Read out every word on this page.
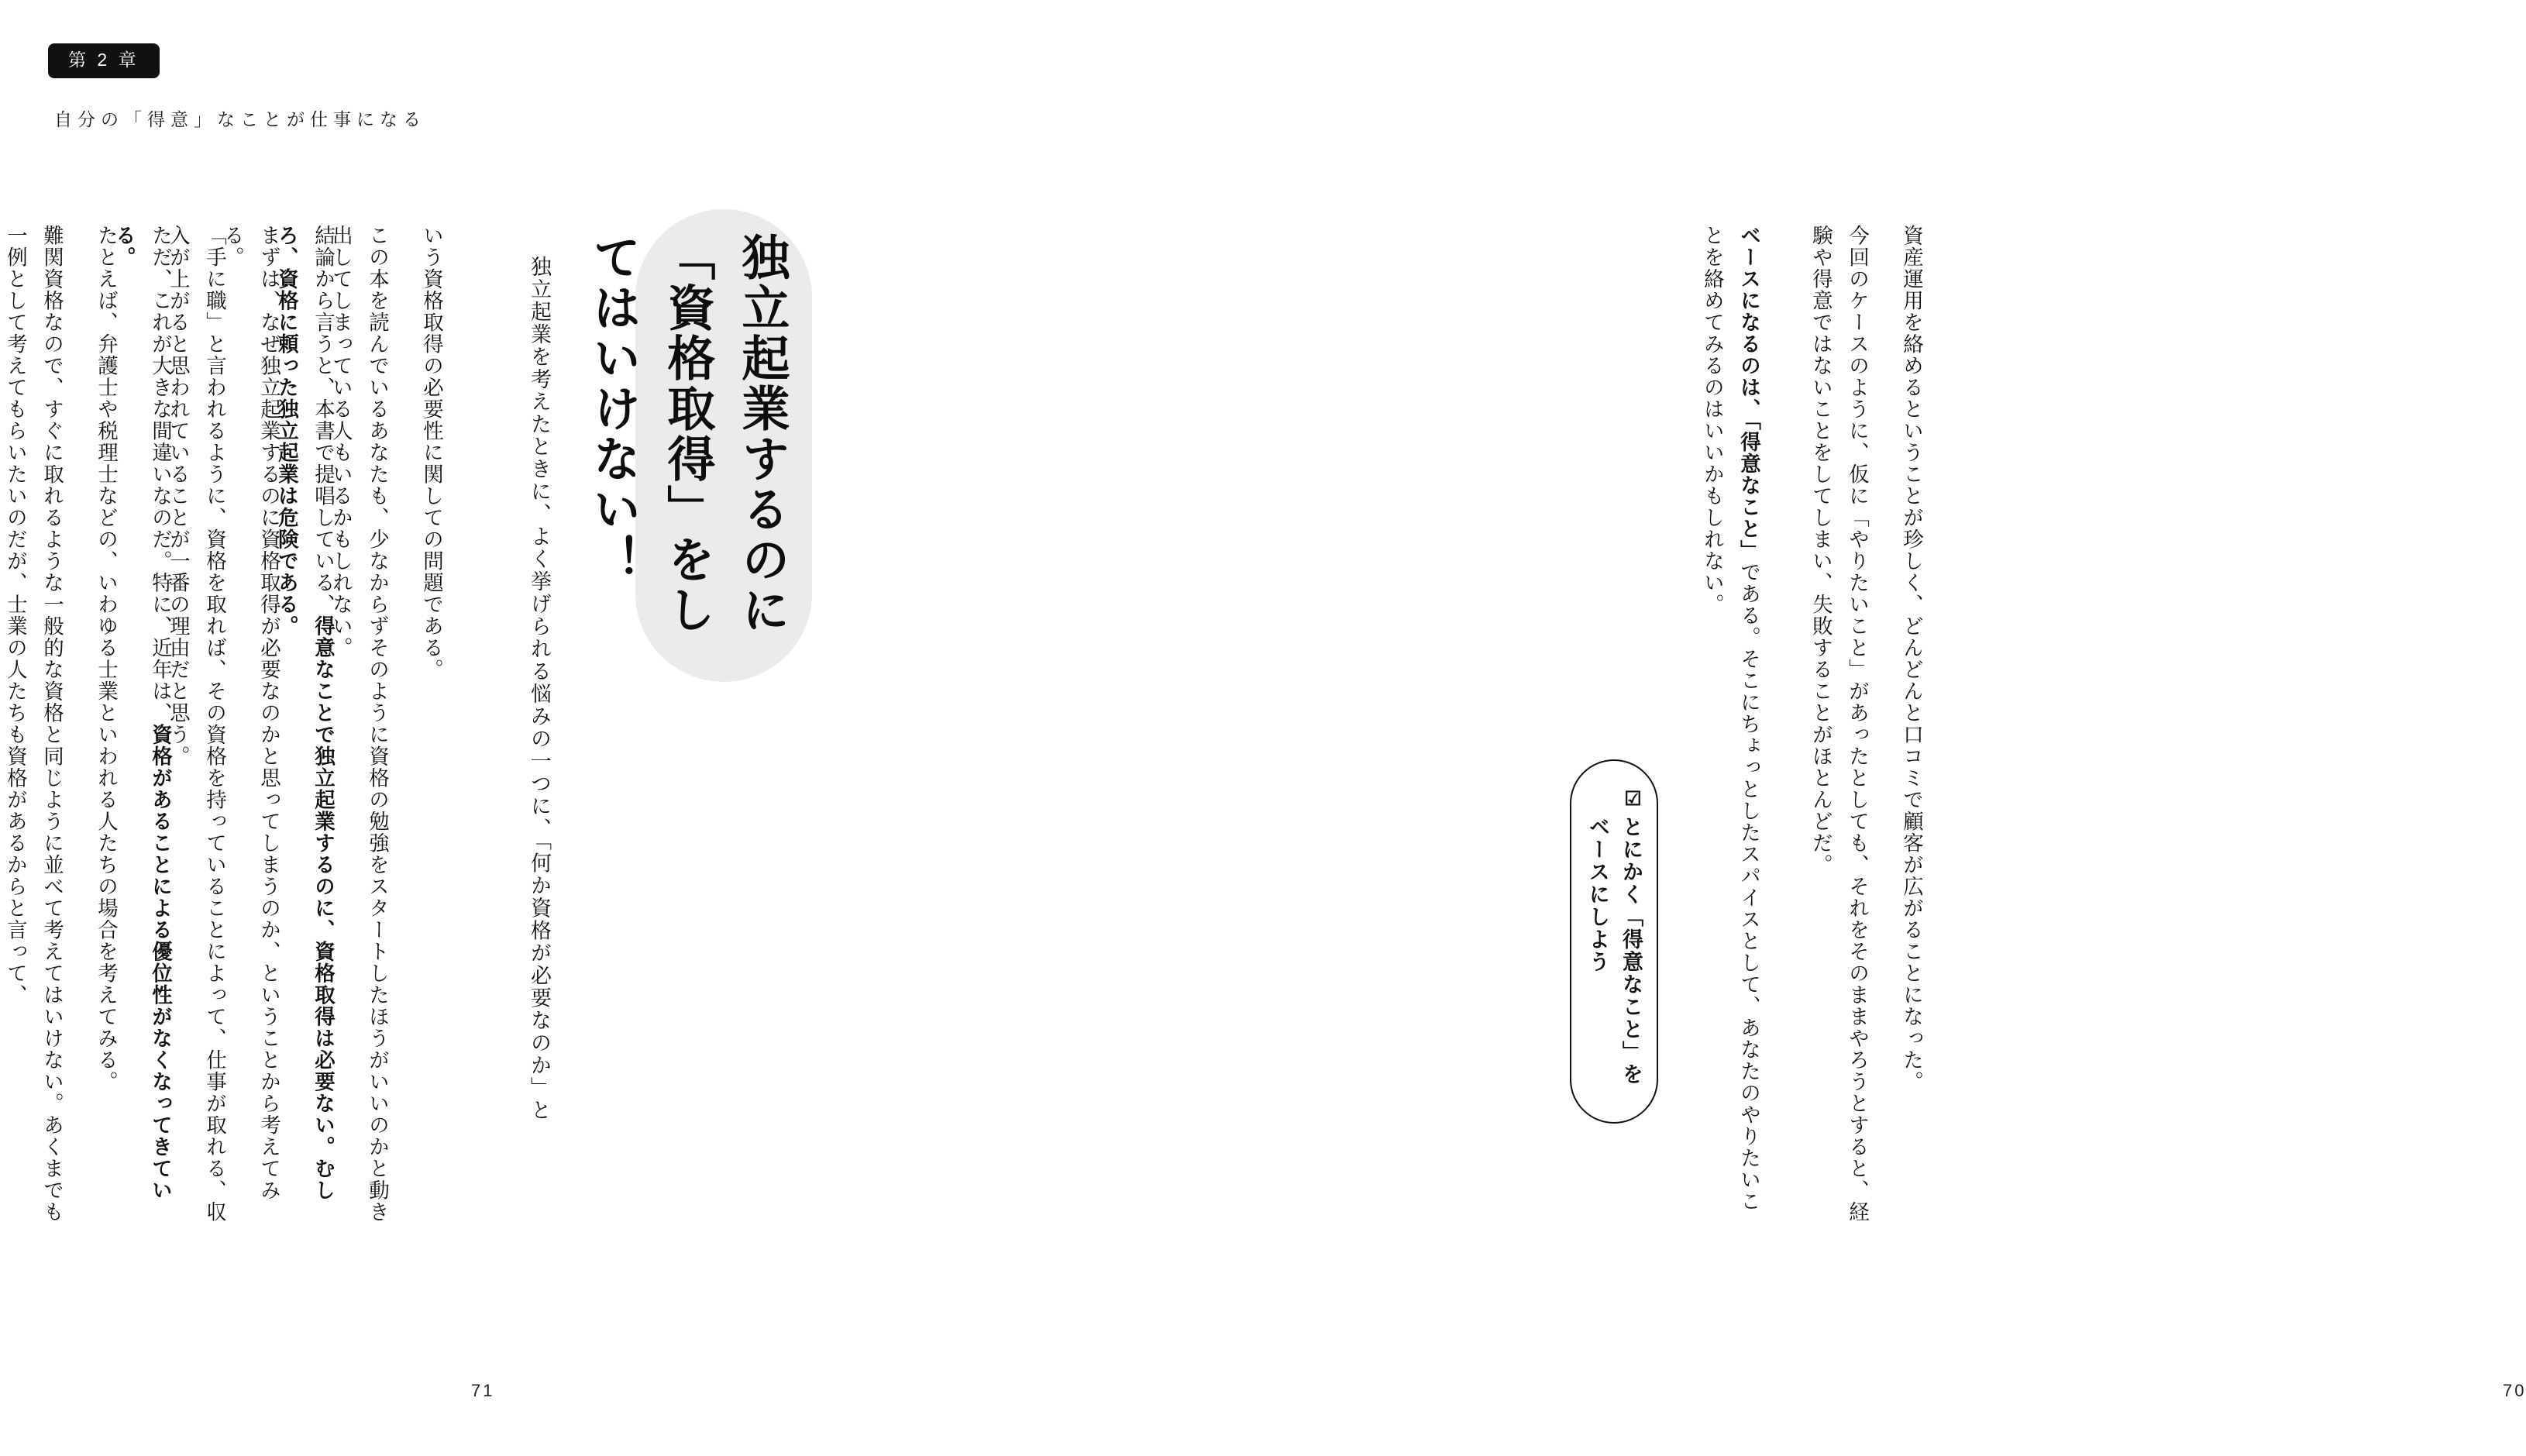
第 2 章
自分の「得意」なことが仕事になる
資産運用を絡めるということが珍しく、どんどんと口コミで顧客が広がることになった。
今回のケースのように、仮に「やりたいこと」があったとしても、それをそのままやろうとすると、経験や得意ではないことをしてしまい、失敗することがほとんどだ。

ベースになるのは、「得意なこと」である。そこにちょっとしたスパイスとして、あなたのやりたいことを絡めてみるのはいいかもしれない。
☑
とにかく「得意なこと」をベースにしよう
70
独立起業するのに 「資格取得」をしてはいけない！
独立起業を考えたときに、よく挙げられる悩みの一つに、「何か資格が必要なのか」と
いう資格取得の必要性に関しての問題である。
この本を読んでいるあなたも、少なからずそのように資格の勉強をスタートしたほうがいいのかと動き出してしまっている人もいるかもしれない。
結論から言うと、本書で提唱している、得意なことで独立起業するのに、資格取得は必要ない。むしろ、資格に頼った独立起業は危険である。
まずは、なぜ独立起業するのに資格取得が必要なのかと思ってしまうのか、ということから考えてみる。
「手に職」と言われるように、資格を取れば、その資格を持っていることによって、仕事が取れる、収入が上がると思われていることが一番の理由だと思う。
ただ、これが大きな間違いなのだ。特に、近年は、資格があることによる優位性がなくなってきている。
たとえば、弁護士や税理士などの、いわゆる士業といわれる人たちの場合を考えてみる。
難関資格なので、すぐに取れるような一般的な資格と同じように並べて考えてはいけない。あくまでも一例として考えてもらいたいのだが、士業の人たちも資格があるからと言って、
71
